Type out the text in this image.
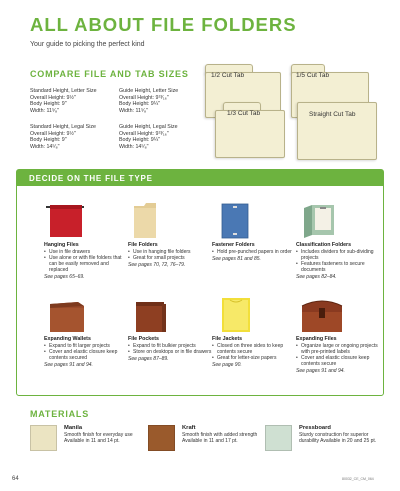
ALL ABOUT FILE FOLDERS
Your guide to picking the perfect kind
COMPARE FILE AND TAB SIZES
Standard Height, Letter Size
Overall Height: 9½"
Body Height: 9"
Width: 11⁵⁄₈"
Guide Height, Letter Size
Overall Height: 9¹³⁄₁₆"
Body Height: 9¼"
Width: 11⁵⁄₈"
Standard Height, Legal Size
Overall Height: 9½"
Body Height: 9"
Width: 14⁵⁄₈"
Guide Height, Legal Size
Overall Height: 9¹³⁄₁₆"
Body Height: 9¼"
Width: 14⁵⁄₈"
1/2 Cut Tab	1/5 Cut Tab
1/3 Cut Tab	Straight Cut Tab
DECIDE ON THE FILE TYPE
Hanging Files
• Use in file drawers
• Use alone or with file folders that can be easily removed and replaced
See pages 65–69.
File Folders
• Use in hanging file folders
• Great for small projects
See pages 70, 72, 76–79.
Fastener Folders
• Hold pre-punched papers in order
See pages 81 and 85.
Classification Folders
• Includes dividers for sub-dividing projects
• Features fasteners to secure documents
See pages 82–84.
Expanding Wallets
• Expand to fit larger projects
• Cover and elastic closure keep contents secured
See pages 91 and 94.
File Pockets
• Expand to fit bulkier projects
• Store on desktops or in file drawers
See pages 87–89.
File Jackets
• Closed on three sides to keep contents secure
• Great for letter-size papers
See page 90.
Expanding Files
• Organize large or ongoing projects with pre-printed labels
• Cover and elastic closure keep contents secure
See pages 91 and 94.
MATERIALS
Manila
Smooth finish for everyday use Available in 11 and 14 pt.
Kraft
Smooth finish with added strength Available in 11 and 17 pt.
Pressboard
Sturdy construction for superior durability Available in 20 and 25 pt.
64	80032_CE_CM_064
